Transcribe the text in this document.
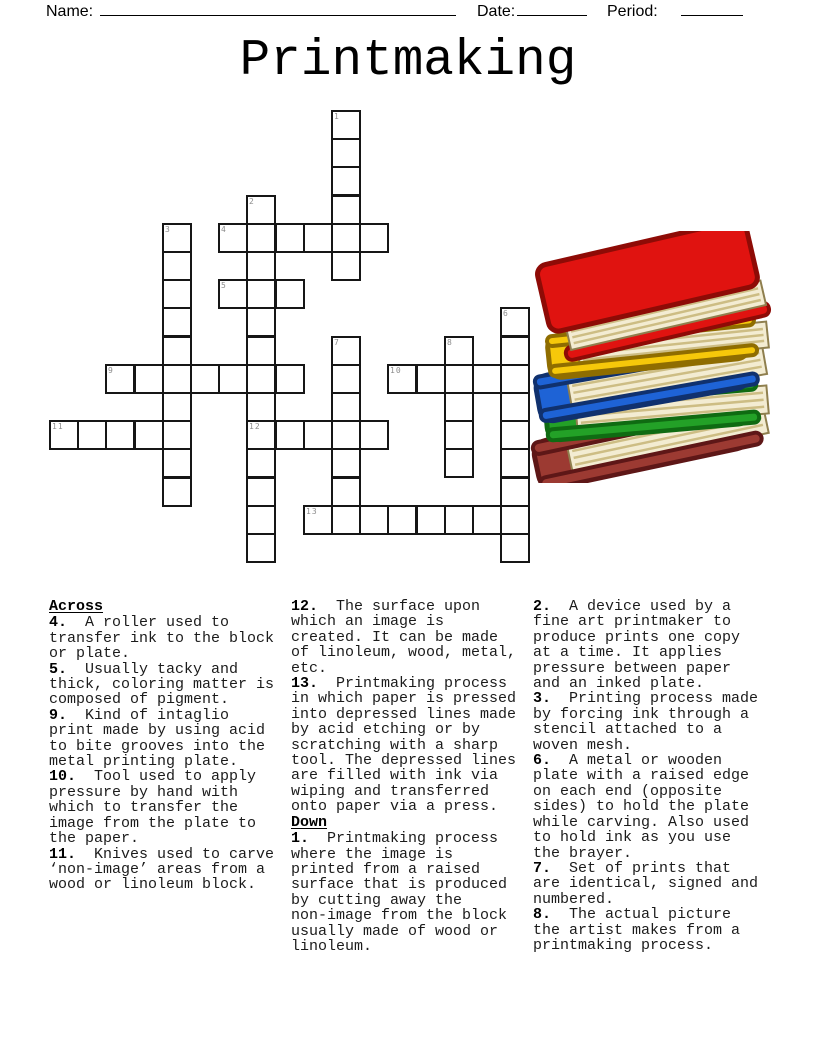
Name:	Date:	Period:
Printmaking
1
2
12
3	4
5
6
7	8
9	10
11
13
Across
4. A roller used to transfer ink to the block or plate.
5. Usually tacky and thick, coloring matter is composed of pigment.
9. Kind of intaglio print made by using acid to bite grooves into the metal printing plate.
10. Tool used to apply pressure by hand with which to transfer the image from the plate to the paper.
11. Knives used to carve ‘non-image’ areas from a wood or linoleum block.
12. The surface upon which an image is created. It can be made of linoleum, wood, metal, etc.
13. Printmaking process in which paper is pressed into depressed lines made by acid etching or by scratching with a sharp tool. The depressed lines are filled with ink via wiping and transferred onto paper via a press.
Down
1. Printmaking process where the image is printed from a raised surface that is produced by cutting away the non‑image from the block usually made of wood or linoleum.
2. A device used by a fine art printmaker to produce prints one copy at a time. It applies pressure between paper and an inked plate.
3. Printing process made by forcing ink through a stencil attached to a woven mesh.
6. A metal or wooden plate with a raised edge on each end (opposite sides) to hold the plate while carving. Also used to hold ink as you use the brayer.
7. Set of prints that are identical, signed and numbered.
8. The actual picture the artist makes from a printmaking process.
